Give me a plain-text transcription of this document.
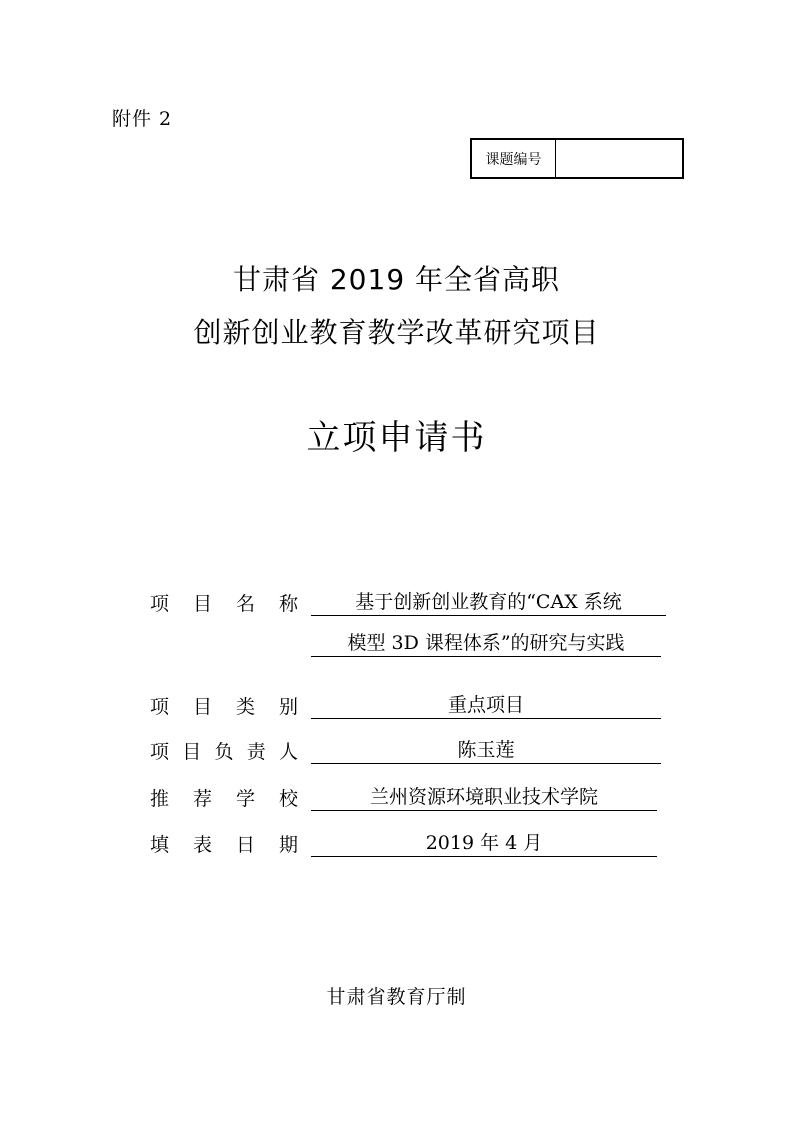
附件 2
课题编号
甘肃省 2019 年全省高职
创新创业教育教学改革研究项目
立项申请书
项 目 名 称	基于创新创业教育的“CAX 系统
模型 3D 课程体系”的研究与实践
项 目 类 别	重点项目
项 目 负 责 人	陈玉莲
推 荐 学 校	兰州资源环境职业技术学院
填 表 日 期	2019 年 4 月
甘肃省教育厅制
